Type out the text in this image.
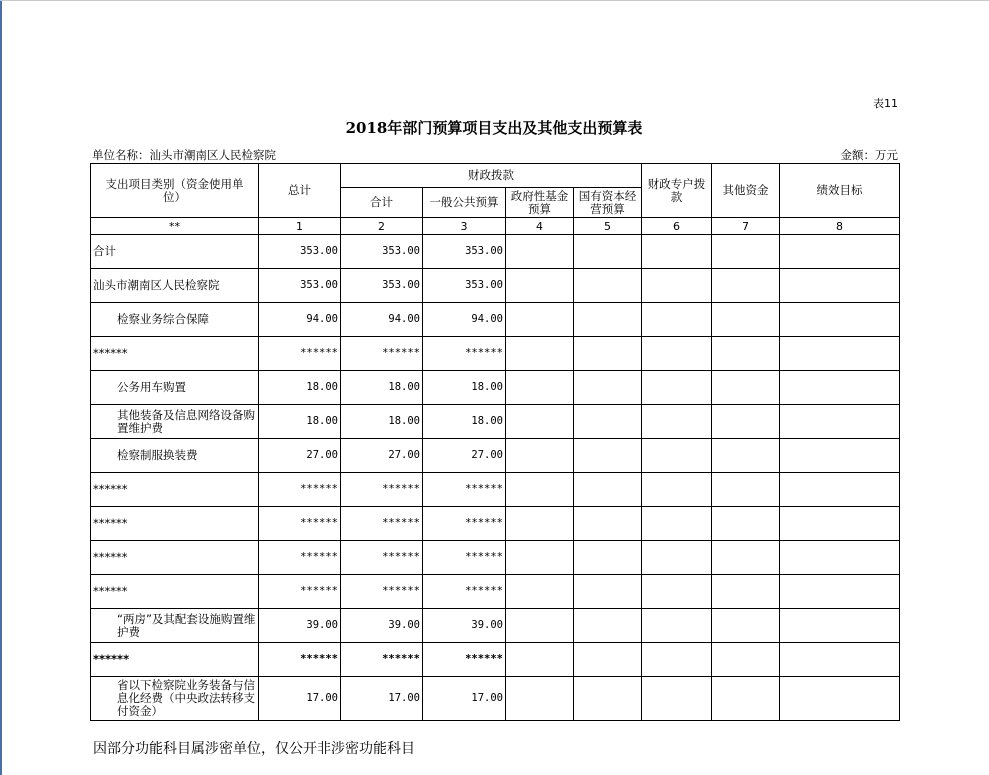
表11
2018年部门预算项目支出及其他支出预算表
单位名称：汕头市潮南区人民检察院	金额：万元
支出项目类别（资金使用单位）	总计	财政拨款				财政专户拨款	其他资金	绩效目标
		合计	一般公共预算	政府性基金预算	国有资本经营预算			
**	1	2	3	4	5	6	7	8
合计	353.00	353.00	353.00					
汕头市潮南区人民检察院	353.00	353.00	353.00					
检察业务综合保障	94.00	94.00	94.00					
******	******	******	******					
公务用车购置	18.00	18.00	18.00					
其他装备及信息网络设备购置维护费	18.00	18.00	18.00					
检察制服换装费	27.00	27.00	27.00					
******	******	******	******					
******	******	******	******					
******	******	******	******					
******	******	******	******					
“两房”及其配套设施购置维护费	39.00	39.00	39.00					
******	******	******	******					
省以下检察院业务装备与信息化经费（中央政法转移支付资金）	17.00	17.00	17.00					
因部分功能科目属涉密单位，仅公开非涉密功能科目
